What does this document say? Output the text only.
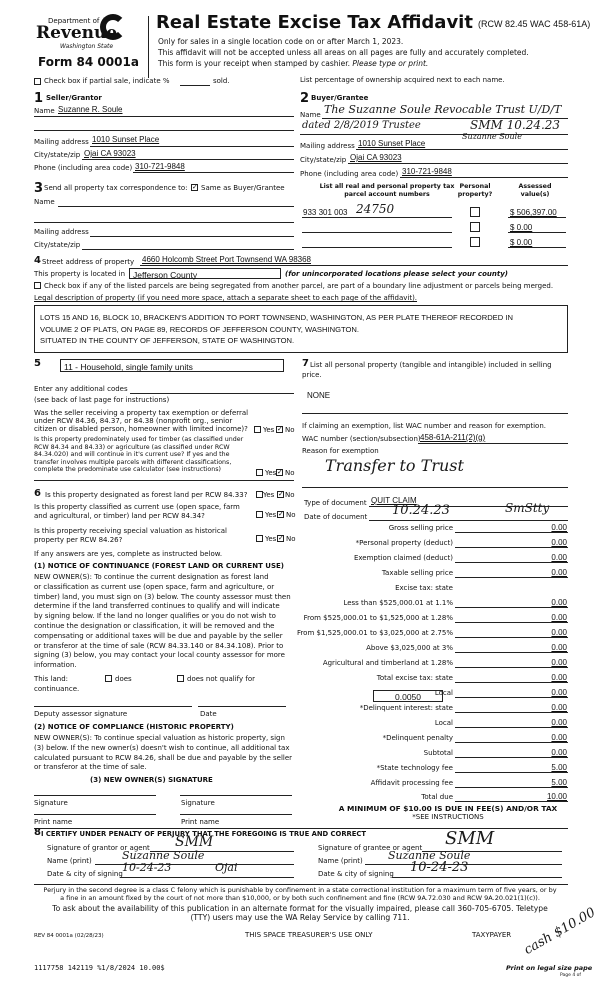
Department of
Revenue
Washington State
Form 84 0001a
Real Estate Excise Tax Affidavit (RCW 82.45 WAC 458-61A)
Only for sales in a single location code on or after March 1, 2023.
This affidavit will not be accepted unless all areas on all pages are fully and accurately completed.
This form is your receipt when stamped by cashier. Please type or print.
Check box if partial sale, indicate %	sold.	List percentage of ownership acquired next to each name.
1 Seller/Grantor
Name Suzanne R. Soule
Mailing address 1010 Sunset Place
City/state/zip Ojai CA 93023
Phone (including area code) 310-721-9848
2 Buyer/Grantee
Name The Suzanne Soule Revocable Trust U/D/T
dated 2/8/2019 Trustee	SMM 10.24.23
Suzanne Soule
Mailing address 1010 Sunset Place
City/state/zip Ojai CA 93023
Phone (including area code) 310-721-9848
3 Send all property tax correspondence to: ✓ Same as Buyer/Grantee
Name
Mailing address
City/state/zip
List all real and personal property tax
parcel account numbers
Personal
property?
Assessed
value(s)
933 301 003 24750	$ 506,397.00
$ 0.00
$ 0.00
4 Street address of property 4660 Holcomb Street Port Townsend WA 98368
This property is located in Jefferson County	(for unincorporated locations please select your county)
Check box if any of the listed parcels are being segregated from another parcel, are part of a boundary line adjustment or parcels being merged.
Legal description of property (if you need more space, attach a separate sheet to each page of the affidavit).
LOTS 15 AND 16, BLOCK 10, BRACKEN'S ADDITION TO PORT TOWNSEND, WASHINGTON, AS PER PLATE THEREOF RECORDED IN
VOLUME 2 OF PLATS, ON PAGE 89, RECORDS OF JEFFERSON COUNTY, WASHINGTON.
SITUATED IN THE COUNTY OF JEFFERSON, STATE OF WASHINGTON.
5	11 - Household, single family units
Enter any additional codes
(see back of last page for instructions)
Was the seller receiving a property tax exemption or deferral
under RCW 84.36, 84.37, or 84.38 (nonprofit org., senior
citizen or disabled person, homeowner with limited income)? Yes ✓ No
Is this property predominately used for timber (as classified under
RCW 84.34 and 84.33) or agriculture (as classified under RCW
84.34.020) and will continue in it's current use? If yes and the
transfer involves multiple parcels with different classifications,
complete the predominate use calculator (see instructions)	Yes ✓ No
7 List all personal property (tangible and intangible) included in selling
price.
NONE
If claiming an exemption, list WAC number and reason for exemption.
WAC number (section/subsection) 458-61A-211(2)(g)
Reason for exemption
Transfer to Trust
Type of document QUIT CLAIM
Date of document 10.24.23	SmStty
6 Is this property designated as forest land per RCW 84.33? Yes ✓ No
Is this property classified as current use (open space, farm
and agricultural, or timber) land per RCW 84.34?	Yes ✓ No
Is this property receiving special valuation as historical
property per RCW 84.26?	Yes ✓ No
If any answers are yes, complete as instructed below.
(1) NOTICE OF CONTINUANCE (FOREST LAND OR CURRENT USE)
NEW OWNER(S): To continue the current designation as forest land
or classification as current use (open space, farm and agriculture, or
timber) land, you must sign on (3) below. The county assessor must then
determine if the land transferred continues to qualify and will indicate
by signing below. If the land no longer qualifies or you do not wish to
continue the designation or classification, it will be removed and the
compensating or additional taxes will be due and payable by the seller
or transferor at the time of sale (RCW 84.33.140 or 84.34.108). Prior to
signing (3) below, you may contact your local county assessor for more
information.
This land:	does	does not qualify for
continuance.
Deputy assessor signature	Date
(2) NOTICE OF COMPLIANCE (HISTORIC PROPERTY)
NEW OWNER(S): To continue special valuation as historic property, sign
(3) below. If the new owner(s) doesn't wish to continue, all additional tax
calculated pursuant to RCW 84.26, shall be due and payable by the seller
or transferor at the time of sale.
(3) NEW OWNER(S) SIGNATURE
Signature	Signature
Print name	Print name
Gross selling price	0.00
*Personal property (deduct)	0.00
Exemption claimed (deduct)	0.00
Taxable selling price	0.00
Excise tax: state
Less than $525,000.01 at 1.1%	0.00
From $525,000.01 to $1,525,000 at 1.28%	0.00
From $1,525,000.01 to $3,025,000 at 2.75%	0.00
Above $3,025,000 at 3%	0.00
Agricultural and timberland at 1.28%	0.00
Total excise tax: state	0.00
Local	0.00
*Delinquent interest: state	0.00
Local	0.00
*Delinquent penalty	0.00
Subtotal	0.00
*State technology fee	5.00
Affidavit processing fee	5.00
Total due	10.00
0.0050
A MINIMUM OF $10.00 IS DUE IN FEE(S) AND/OR TAX
*SEE INSTRUCTIONS
8 I CERTIFY UNDER PENALTY OF PERJURY THAT THE FOREGOING IS TRUE AND CORRECT
Signature of grantor or agent SMM
Name (print)	Suzanne Soule
Date & city of signing 10-24-23	Ojai
Signature of grantee or agent SMM
Name (print) Suzanne Soule
Date & city of signing 10-24-23
Perjury in the second degree is a class C felony which is punishable by confinement in a state correctional institution for a maximum term of five years, or by
a fine in an amount fixed by the court of not more than $10,000, or by both such confinement and fine (RCW 9A.72.030 and RCW 9A.20.021(1)(c)).
To ask about the availability of this publication in an alternate format for the visually impaired, please call 360-705-6705. Teletype
(TTY) users may use the WA Relay Service by calling 711.
REV 84 0001a (02/28/23)	THIS SPACE TREASURER'S USE ONLY	TAXYPAYER cash $10.00
1117758 142119 %1/8/2024 10.00$	Print on legal size pape
Page 4 of
